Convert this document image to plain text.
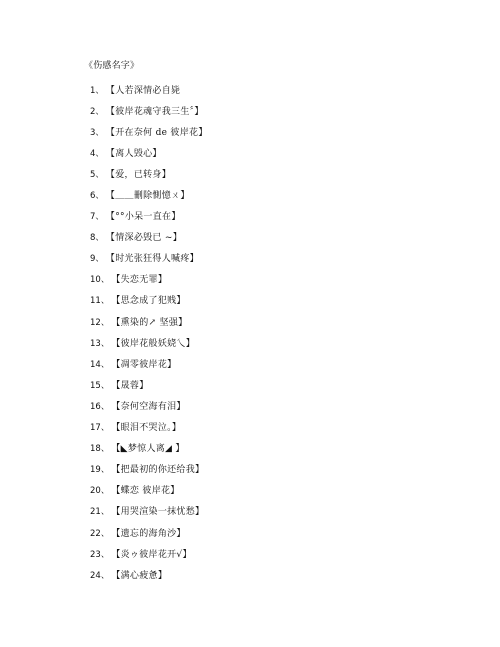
《伤感名字》
1、 【人若深情必自毙
2、 【彼岸花魂守我三生〞】
3、 【开在奈何 de 彼岸花】
4、 【离人毁心】
5、 【爱，已转身】
6、 【＿＿刪除惻憶ㄨ】
7、 【°°小呆一直在】
8、 【情深必毁已 ~】
9、 【时光张狂得人喊疼】
10、 【失恋无罪】
11、 【思念成了犯贱】
12、 【熏染的↗ 坚强】
13、 【彼岸花般妖娆乀】
14、 【凋零彼岸花】
15、 【晟蓉】
16、 【奈何空海有泪】
17、 【眼泪不哭泣。】
18、 【◣梦惊人离◢ 】
19、 【把最初的你还给我】
20、 【蝶恋 彼岸花】
21、 【用哭渲染一抹忧愁】
22、 【遗忘的海角沙】
23、 【炎ゥ彼岸花开√】
24、 【满心疲惫】
